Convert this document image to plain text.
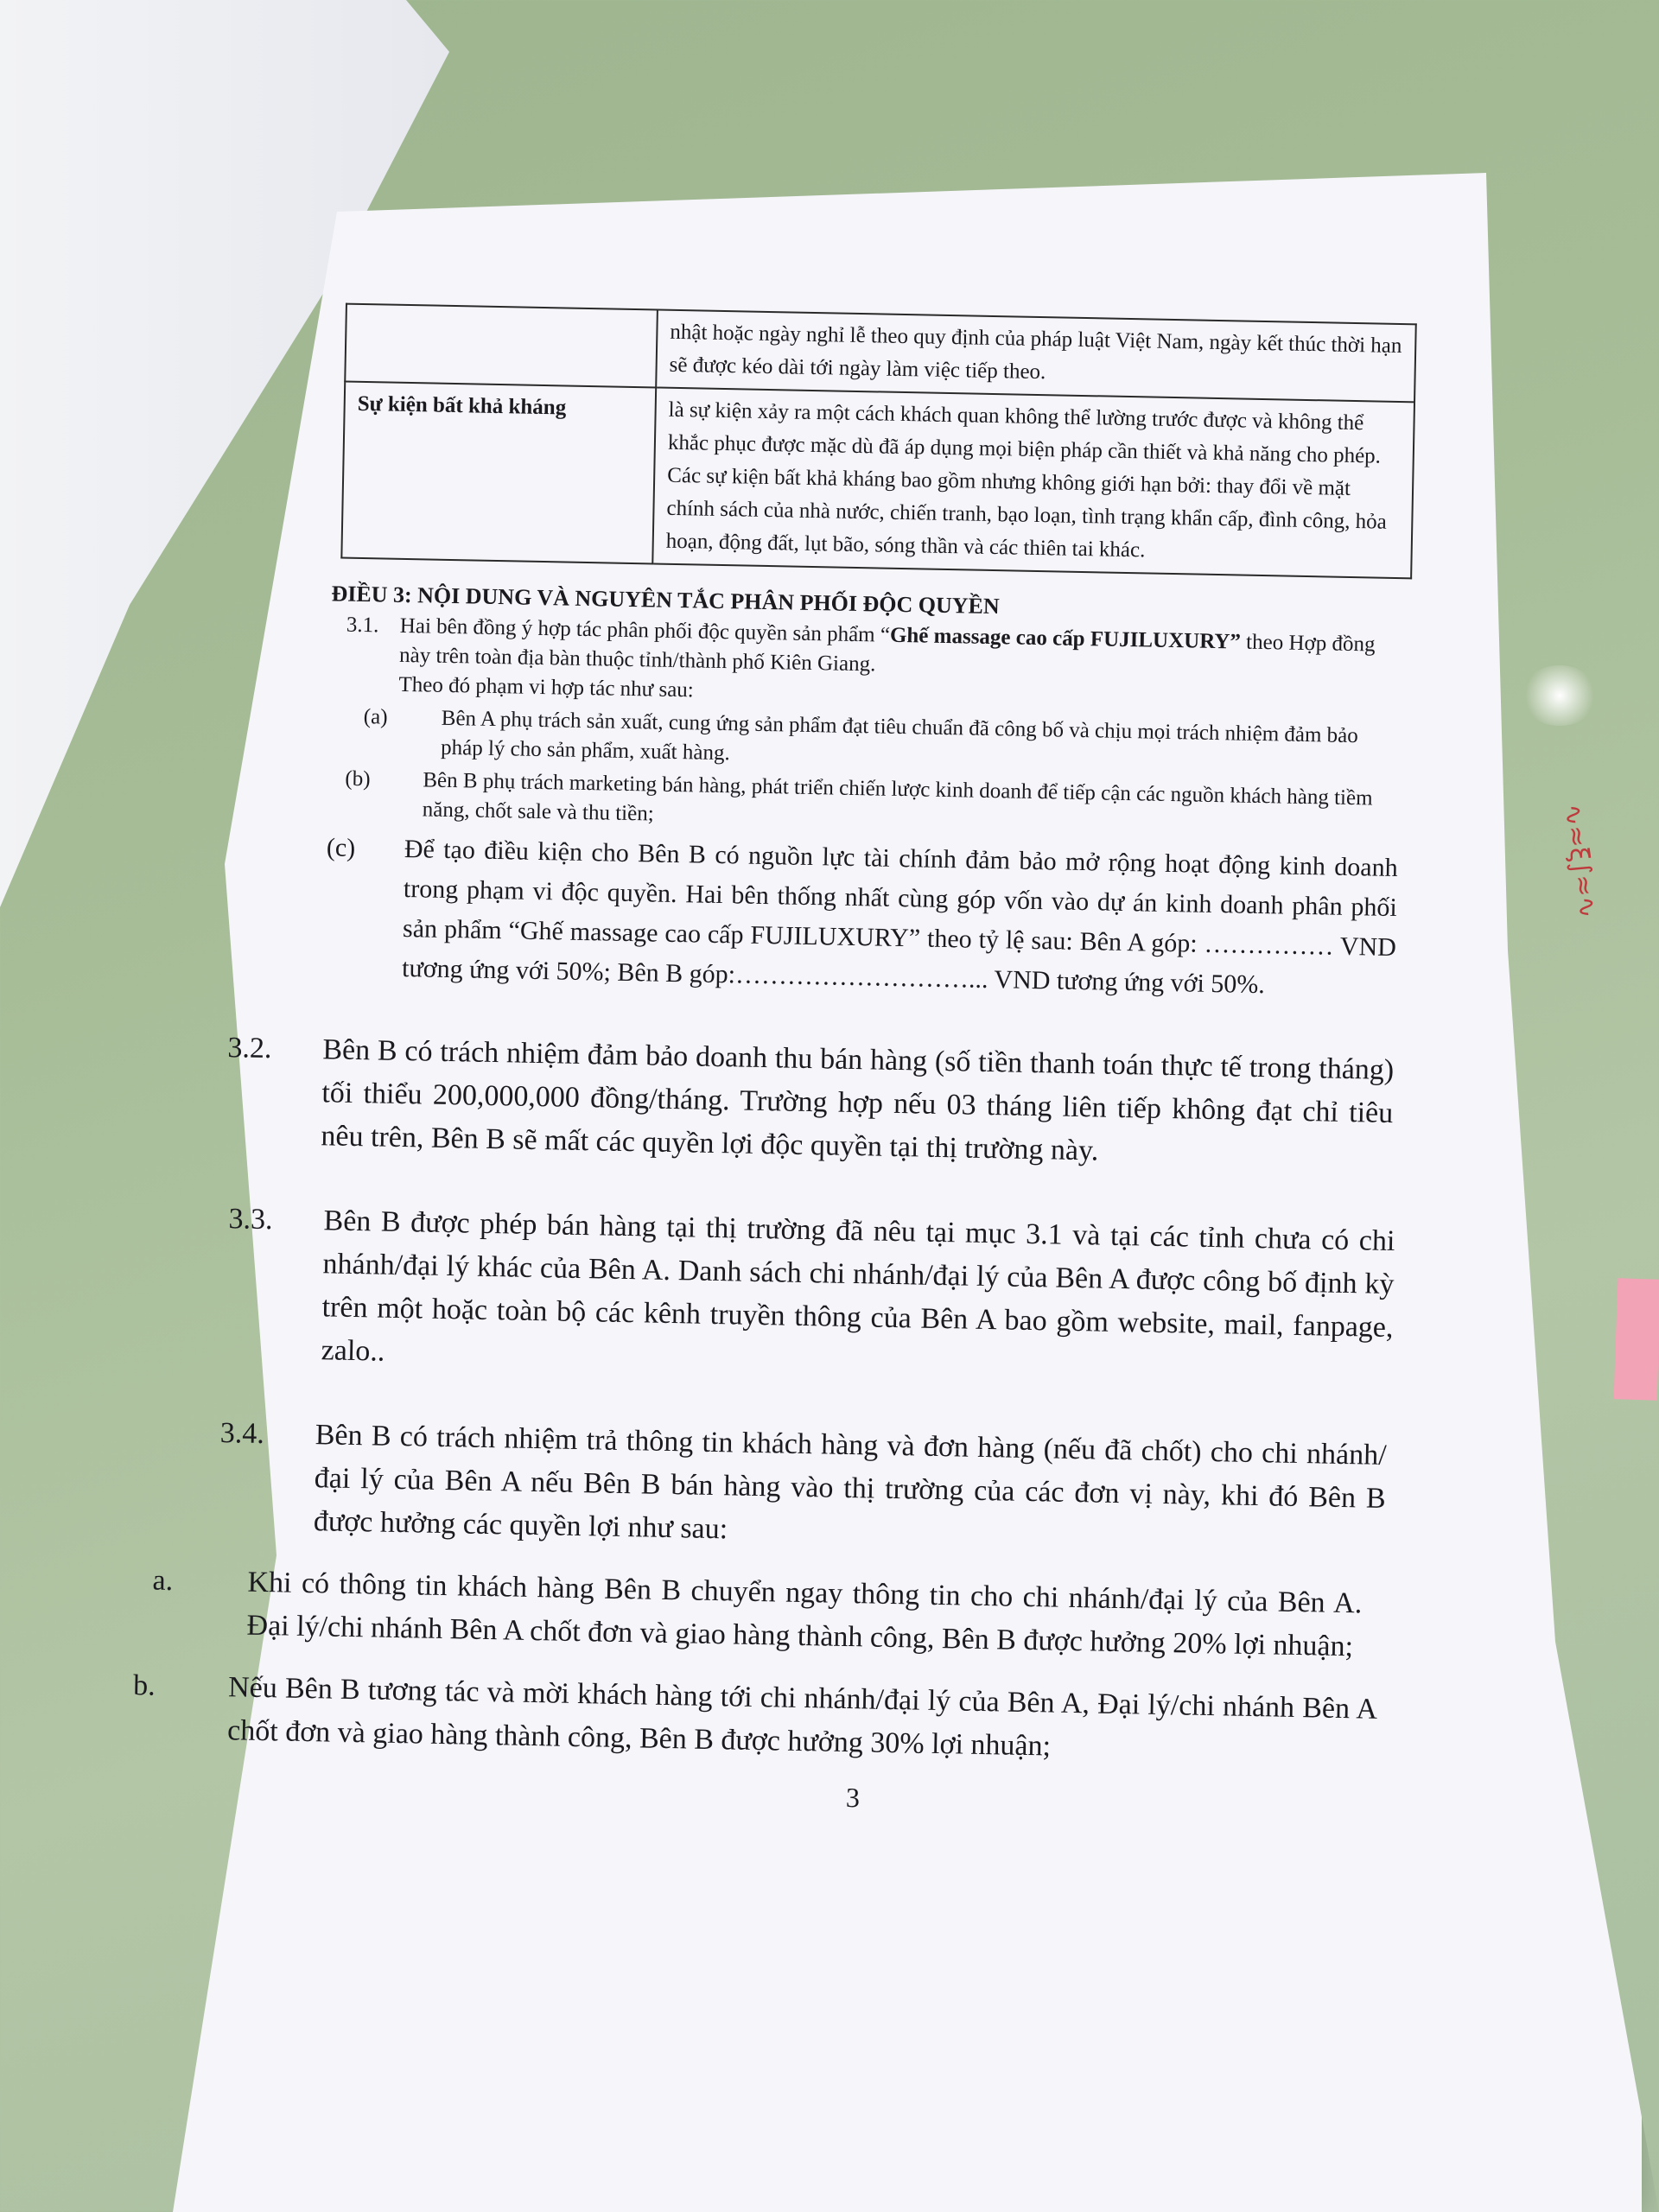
∿≈ξ∫≈∿
	nhật hoặc ngày nghỉ lễ theo quy định của pháp luật Việt Nam, ngày kết thúc thời hạn sẽ được kéo dài tới ngày làm việc tiếp theo.
Sự kiện bất khả kháng	là sự kiện xảy ra một cách khách quan không thể lường trước được và không thể khắc phục được mặc dù đã áp dụng mọi biện pháp cần thiết và khả năng cho phép. Các sự kiện bất khả kháng bao gồm nhưng không giới hạn bởi: thay đổi về mặt chính sách của nhà nước, chiến tranh, bạo loạn, tình trạng khẩn cấp, đình công, hỏa hoạn, động đất, lụt bão, sóng thần và các thiên tai khác.
ĐIỀU 3: NỘI DUNG VÀ NGUYÊN TẮC PHÂN PHỐI ĐỘC QUYỀN
3.1. Hai bên đồng ý hợp tác phân phối độc quyền sản phẩm “Ghế massage cao cấp FUJILUXURY” theo Hợp đồng này trên toàn địa bàn thuộc tỉnh/thành phố Kiên Giang.
Theo đó phạm vi hợp tác như sau:
(a) Bên A phụ trách sản xuất, cung ứng sản phẩm đạt tiêu chuẩn đã công bố và chịu mọi trách nhiệm đảm bảo pháp lý cho sản phẩm, xuất hàng.
(b) Bên B phụ trách marketing bán hàng, phát triển chiến lược kinh doanh để tiếp cận các nguồn khách hàng tiềm năng, chốt sale và thu tiền;
(c) Để tạo điều kiện cho Bên B có nguồn lực tài chính đảm bảo mở rộng hoạt động kinh doanh trong phạm vi độc quyền. Hai bên thống nhất cùng góp vốn vào dự án kinh doanh phân phối sản phẩm “Ghế massage cao cấp FUJILUXURY” theo tỷ lệ sau: Bên A góp: …………… VND tương ứng với 50%; Bên B góp:………………………... VND tương ứng với 50%.
3.2. Bên B có trách nhiệm đảm bảo doanh thu bán hàng (số tiền thanh toán thực tế trong tháng) tối thiểu 200,000,000 đồng/tháng. Trường hợp nếu 03 tháng liên tiếp không đạt chỉ tiêu nêu trên, Bên B sẽ mất các quyền lợi độc quyền tại thị trường này.
3.3. Bên B được phép bán hàng tại thị trường đã nêu tại mục 3.1 và tại các tỉnh chưa có chi nhánh/đại lý khác của Bên A. Danh sách chi nhánh/đại lý của Bên A được công bố định kỳ trên một hoặc toàn bộ các kênh truyền thông của Bên A bao gồm website, mail, fanpage, zalo..
3.4. Bên B có trách nhiệm trả thông tin khách hàng và đơn hàng (nếu đã chốt) cho chi nhánh/đại lý của Bên A nếu Bên B bán hàng vào thị trường của các đơn vị này, khi đó Bên B được hưởng các quyền lợi như sau:
a.	Khi có thông tin khách hàng Bên B chuyển ngay thông tin cho chi nhánh/đại lý của Bên A. Đại lý/chi nhánh Bên A chốt đơn và giao hàng thành công, Bên B được hưởng 20% lợi nhuận;
b. Nếu Bên B tương tác và mời khách hàng tới chi nhánh/đại lý của Bên A, Đại lý/chi nhánh Bên A chốt đơn và giao hàng thành công, Bên B được hưởng 30% lợi nhuận;
3
